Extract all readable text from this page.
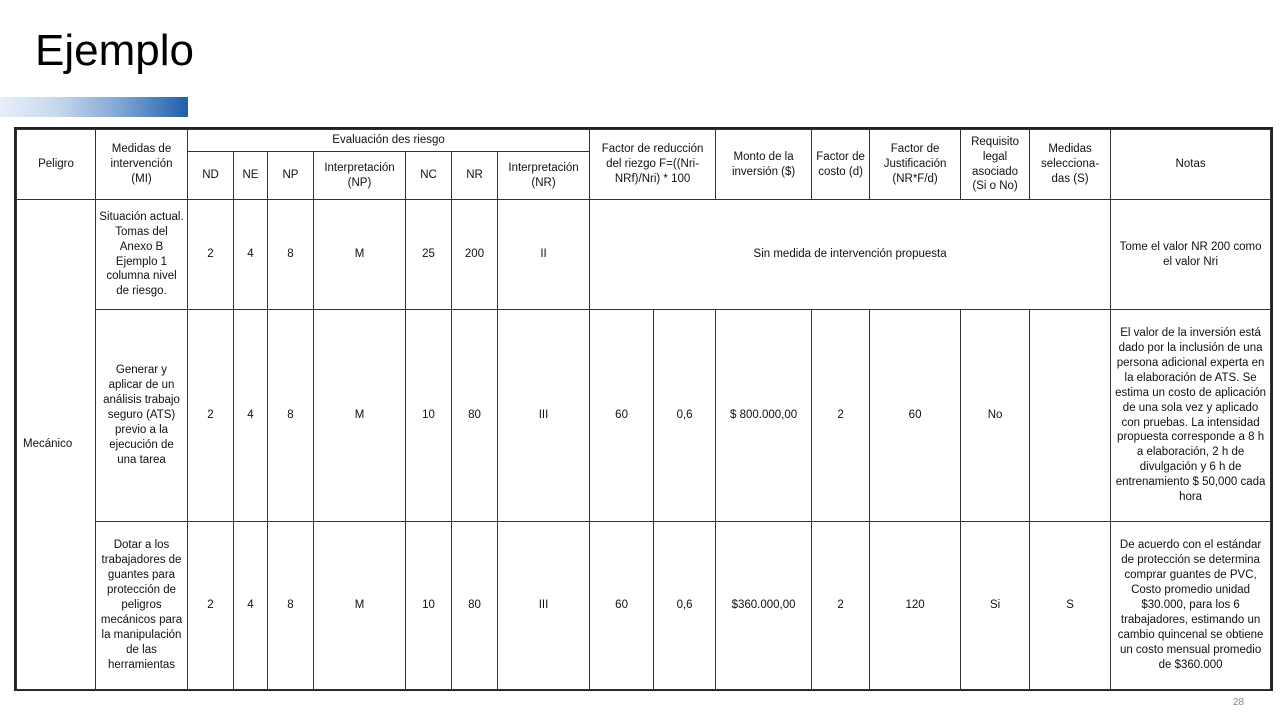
Ejemplo
Peligro	Medidas de intervención (MI)	Evaluación des riesgo							Factor de reducción del riezgo F=((Nri-NRf)/Nri) * 100		Monto de la inversión ($)	Factor de costo (d)	Factor de Justificación (NR*F/d)	Requisito legal asociado (Si o No)	Medidas selecciona-das (S)	Notas
		ND	NE	NP	Interpretación (NP)	NC	NR	Interpretación (NR)								
Mecánico	Situación actual. Tomas del Anexo B Ejemplo 1 columna nivel de riesgo.	2	4	8	M	25	200	II	Sin medida de intervención propuesta							Tome el valor NR 200 como el valor Nri
	Generar y aplicar de un análisis trabajo seguro (ATS) previo a la ejecución de una tarea	2	4	8	M	10	80	III	60	0,6	$ 800.000,00	2	60	No		El valor de la inversión está dado por la inclusión de una persona adicional experta en la elaboración de ATS. Se estima un costo de aplicación de una sola vez y aplicado con pruebas. La intensidad propuesta corresponde a 8 h a elaboración, 2 h de divulgación y 6 h de entrenamiento $ 50,000 cada hora
	Dotar a los trabajadores de guantes para protección de peligros mecánicos para la manipulación de las herramientas	2	4	8	M	10	80	III	60	0,6	$360.000,00	2	120	Si	S	De acuerdo con el estándar de protección se determina comprar guantes de PVC, Costo promedio unidad $30.000, para los 6 trabajadores, estimando un cambio quincenal se obtiene un costo mensual promedio de $360.000
28
